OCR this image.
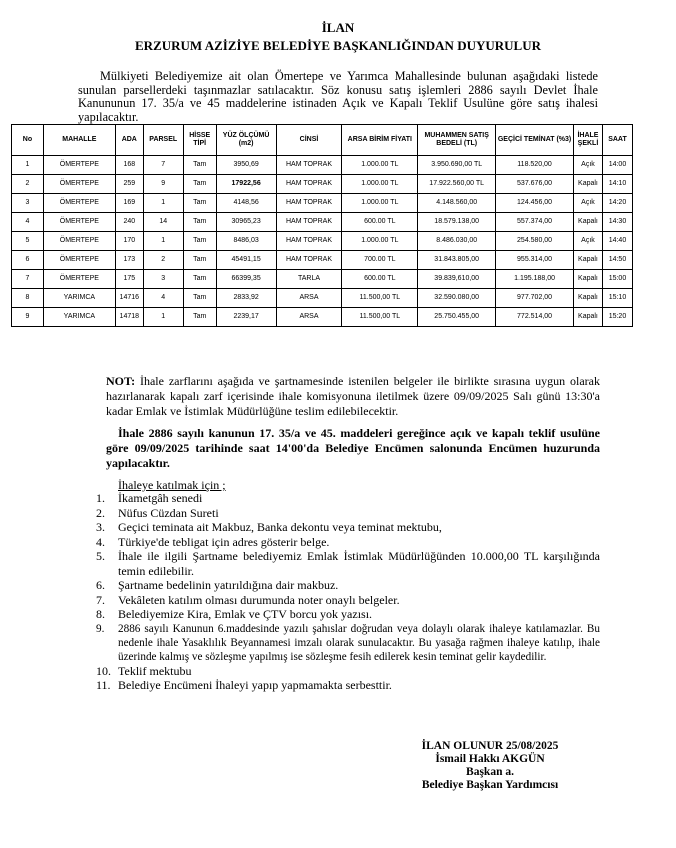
İLAN
ERZURUM AZİZİYE BELEDİYE BAŞKANLIĞINDAN DUYURULUR
Mülkiyeti Belediyemize ait olan Ömertepe ve Yarımca Mahallesinde bulunan aşağıdaki listede sunulan parsellerdeki taşınmazlar satılacaktır. Söz konusu satış işlemleri 2886 sayılı Devlet İhale Kanununun 17. 35/a ve 45 maddelerine istinaden Açık ve Kapalı Teklif Usulüne göre satış ihalesi yapılacaktır.
No	MAHALLE	ADA	PARSEL	HİSSE TİPİ	YÜZ ÖLÇÜMÜ (m2)	CİNSİ	ARSA BİRİM FİYATI	MUHAMMEN SATIŞ BEDELİ (TL)	GEÇİCİ TEMİNAT (%3)	İHALE ŞEKLİ	SAAT
1	ÖMERTEPE	168	7	Tam	3950,69	HAM TOPRAK	1.000.00 TL	3.950.690,00 TL	118.520,00	Açık	14:00
2	ÖMERTEPE	259	9	Tam	17922,56	HAM TOPRAK	1.000.00 TL	17.922.560,00 TL	537.676,00	Kapalı	14:10
3	ÖMERTEPE	169	1	Tam	4148,56	HAM TOPRAK	1.000.00 TL	4.148.560,00	124.456,00	Açık	14:20
4	ÖMERTEPE	240	14	Tam	30965,23	HAM TOPRAK	600.00 TL	18.579.138,00	557.374,00	Kapalı	14:30
5	ÖMERTEPE	170	1	Tam	8486,03	HAM TOPRAK	1.000.00 TL	8.486.030,00	254.580,00	Açık	14:40
6	ÖMERTEPE	173	2	Tam	45491,15	HAM TOPRAK	700.00 TL	31.843.805,00	955.314,00	Kapalı	14:50
7	ÖMERTEPE	175	3	Tam	66399,35	TARLA	600.00 TL	39.839,610,00	1.195.188,00	Kapalı	15:00
8	YARIMCA	14716	4	Tam	2833,92	ARSA	11.500,00 TL	32.590.080,00	977.702,00	Kapalı	15:10
9	YARIMCA	14718	1	Tam	2239,17	ARSA	11.500,00 TL	25.750.455,00	772.514,00	Kapalı	15:20
NOT: İhale zarflarını aşağıda ve şartnamesinde istenilen belgeler ile birlikte sırasına uygun olarak hazırlanarak kapalı zarf içerisinde ihale komisyonuna iletilmek üzere 09/09/2025 Salı günü 13:30'a kadar Emlak ve İstimlak Müdürlüğüne teslim edilebilecektir.
İhale 2886 sayılı kanunun 17. 35/a ve 45. maddeleri gereğince açık ve kapalı teklif usulüne göre 09/09/2025 tarihinde saat 14'00'da Belediye Encümen salonunda Encümen huzurunda yapılacaktır.
İhaleye katılmak için ;
1. İkametgâh senedi
2. Nüfus Cüzdan Sureti
3. Geçici teminata ait Makbuz, Banka dekontu veya teminat mektubu,
4. Türkiye'de tebligat için adres gösterir belge.
5. İhale ile ilgili Şartname belediyemiz Emlak İstimlak Müdürlüğünden 10.000,00 TL karşılığında temin edilebilir.
6. Şartname bedelinin yatırıldığına dair makbuz.
7. Vekâleten katılım olması durumunda noter onaylı belgeler.
8. Belediyemize Kira, Emlak ve ÇTV borcu yok yazısı.
9. 2886 sayılı Kanunun 6.maddesinde yazılı şahıslar doğrudan veya dolaylı olarak ihaleye katılamazlar. Bu nedenle ihale Yasaklılık Beyannamesi imzalı olarak sunulacaktır. Bu yasağa rağmen ihaleye katılıp, ihale üzerinde kalmış ve sözleşme yapılmış ise sözleşme fesih edilerek kesin teminat gelir kaydedilir.
10. Teklif mektubu
11. Belediye Encümeni İhaleyi yapıp yapmamakta serbesttir.
İLAN OLUNUR 25/08/2025
İsmail Hakkı AKGÜN
Başkan a.
Belediye Başkan Yardımcısı
